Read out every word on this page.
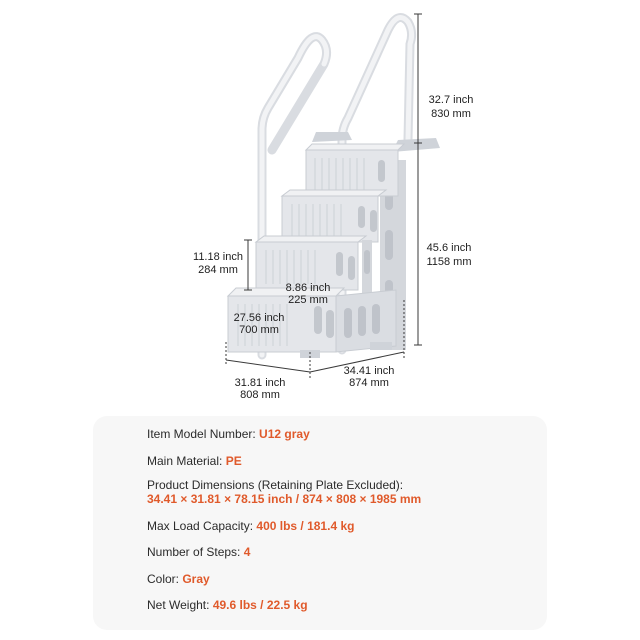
32.7 inch
830 mm
45.6 inch
1158 mm
11.18 inch
284 mm
8.86 inch
225 mm
27.56 inch
700 mm
31.81 inch
808 mm
34.41 inch
874 mm
Item Model Number: U12 gray
Main Material: PE
Product Dimensions (Retaining Plate Excluded):
34.41 × 31.81 × 78.15 inch / 874 × 808 × 1985 mm
Max Load Capacity: 400 lbs / 181.4 kg
Number of Steps: 4
Color: Gray
Net Weight: 49.6 lbs / 22.5 kg
